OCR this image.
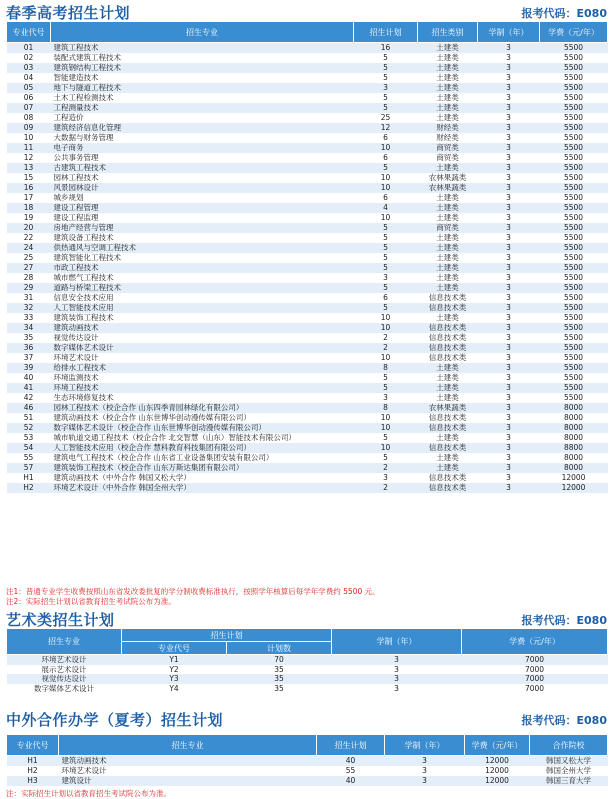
春季高考招生计划	报考代码：E080
专业代号	招生专业	招生计划	招生类别	学制（年）	学费（元/年）
01	建筑工程技术	16	土建类	3	5500
02	装配式建筑工程技术	5	土建类	3	5500
03	建筑钢结构工程技术	5	土建类	3	5500
04	智能建造技术	5	土建类	3	5500
05	地下与隧道工程技术	3	土建类	3	5500
06	土木工程检测技术	5	土建类	3	5500
07	工程测量技术	5	土建类	3	5500
08	工程造价	25	土建类	3	5500
09	建筑经济信息化管理	12	财经类	3	5500
10	大数据与财务管理	6	财经类	3	5500
11	电子商务	10	商贸类	3	5500
12	公共事务管理	6	商贸类	3	5500
13	古建筑工程技术	5	土建类	3	5500
15	园林工程技术	10	农林果蔬类	3	5500
16	风景园林设计	10	农林果蔬类	3	5500
17	城乡规划	6	土建类	3	5500
18	建设工程管理	4	土建类	3	5500
19	建设工程监理	10	土建类	3	5500
20	房地产经营与管理	5	商贸类	3	5500
22	建筑设备工程技术	5	土建类	3	5500
24	供热通风与空调工程技术	5	土建类	3	5500
25	建筑智能化工程技术	5	土建类	3	5500
27	市政工程技术	5	土建类	3	5500
28	城市燃气工程技术	3	土建类	3	5500
29	道路与桥梁工程技术	5	土建类	3	5500
31	信息安全技术应用	6	信息技术类	3	5500
32	人工智能技术应用	5	信息技术类	3	5500
33	建筑装饰工程技术	10	土建类	3	5500
34	建筑动画技术	10	信息技术类	3	5500
35	视觉传达设计	2	信息技术类	3	5500
36	数字媒体艺术设计	2	信息技术类	3	5500
37	环境艺术设计	10	信息技术类	3	5500
39	给排水工程技术	8	土建类	3	5500
40	环境监测技术	5	土建类	3	5500
41	环境工程技术	5	土建类	3	5500
42	生态环境修复技术	3	土建类	3	5500
46	园林工程技术（校企合作 山东四季青园林绿化有限公司）	8	农林果蔬类	3	8000
51	建筑动画技术（校企合作 山东世博华创动漫传媒有限公司）	10	信息技术类	3	8000
52	数字媒体艺术设计（校企合作 山东世博华创动漫传媒有限公司）	10	信息技术类	3	8000
53	城市轨道交通工程技术（校企合作 北交智慧（山东）智能技术有限公司）	5	土建类	3	8000
54	人工智能技术应用（校企合作 慧科教育科技集团有限公司）	10	信息技术类	3	8800
55	建筑电气工程技术（校企合作 山东省工业设备集团安装有限公司）	5	土建类	3	8000
57	建筑装饰工程技术（校企合作 山东万斯达集团有限公司）	2	土建类	3	8000
H1	建筑动画技术（中外合作 韩国又松大学）	3	信息技术类	3	12000
H2	环境艺术设计（中外合作 韩国全州大学）	2	信息技术类	3	12000
注1：普通专业学生收费按照山东省发改委批复的学分制收费标准执行，按照学年核算后每学年学费约 5500 元。
注2：实际招生计划以省教育招生考试院公布为准。
艺术类招生计划	报考代码：E080
招生专业	招生计划		学制（年）	学费（元/年）
	专业代号	计划数		
环境艺术设计	Y1	70	3	7000
展示艺术设计	Y2	35	3	7000
视觉传达设计	Y3	35	3	7000
数字媒体艺术设计	Y4	35	3	7000
中外合作办学（夏考）招生计划	报考代码：E080
专业代号	招生专业	招生计划	学制（年）	学费（元/年）	合作院校
H1	建筑动画技术	40	3	12000	韩国又松大学
H2	环境艺术设计	55	3	12000	韩国全州大学
H3	建筑设计	40	3	12000	韩国三育大学
注：实际招生计划以省教育招生考试院公布为准。
